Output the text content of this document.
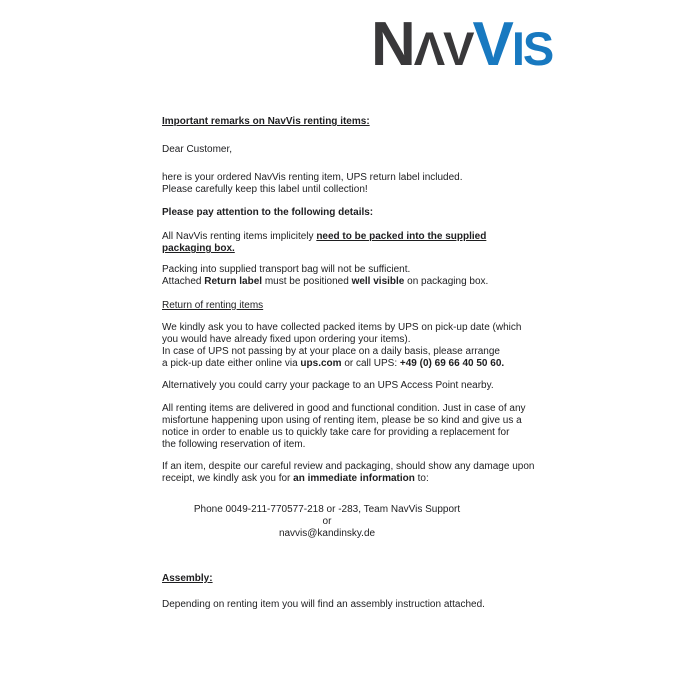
NΛVVIS
Important remarks on NavVis renting items:
Dear Customer,
here is your ordered NavVis renting item, UPS return label included.
Please carefully keep this label until collection!
Please pay attention to the following details:
All NavVis renting items implicitely need to be packed into the supplied
packaging box.
Packing into supplied transport bag will not be sufficient.
Attached Return label must be positioned well visible on packaging box.
Return of renting items
We kindly ask you to have collected packed items by UPS on pick-up date (which
you would have already fixed upon ordering your items).
In case of UPS not passing by at your place on a daily basis, please arrange
a pick-up date either online via ups.com or call UPS: +49 (0) 69 66 40 50 60.
Alternatively you could carry your package to an UPS Access Point nearby.
All renting items are delivered in good and functional condition. Just in case of any
misfortune happening upon using of renting item, please be so kind and give us a
notice in order to enable us to quickly take care for providing a replacement for
the following reservation of item.
If an item, despite our careful review and packaging, should show any damage upon
receipt, we kindly ask you for an immediate information to:
Phone 0049-211-770577-218 or -283, Team NavVis Support
or
navvis@kandinsky.de
Assembly:
Depending on renting item you will find an assembly instruction attached.
